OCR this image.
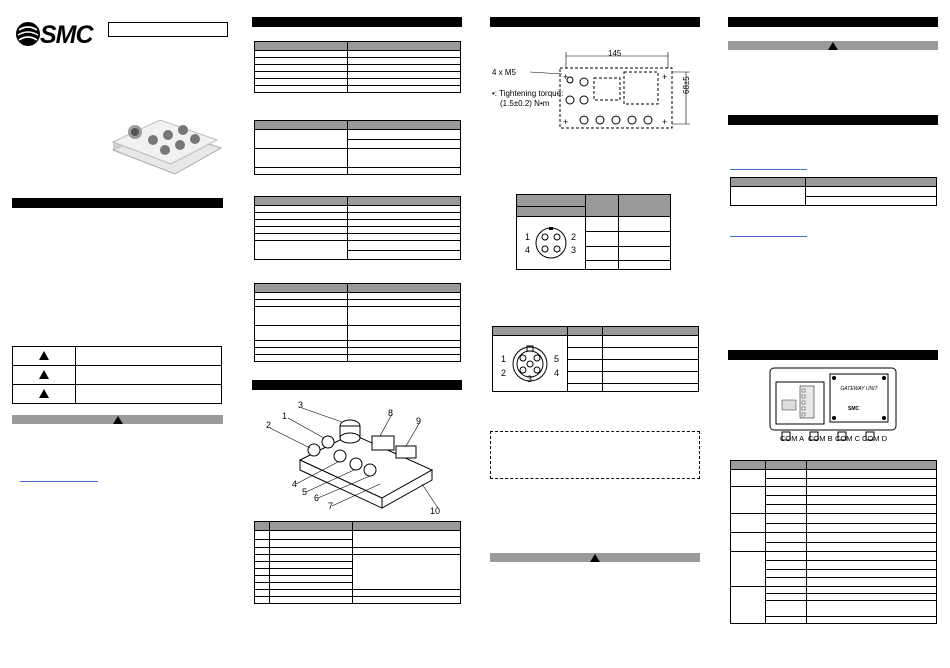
SMC

1
2
3
4
5
6
7
8
9
10

+	+
+	+
145
68±5
4 x M5
•: Tightening torque:
(1.5±0.2) N•m

1 2
3
4		

1
2
3
4
5		

GATEWAY UNIT
SMC
COM A COM B COM C COM D
